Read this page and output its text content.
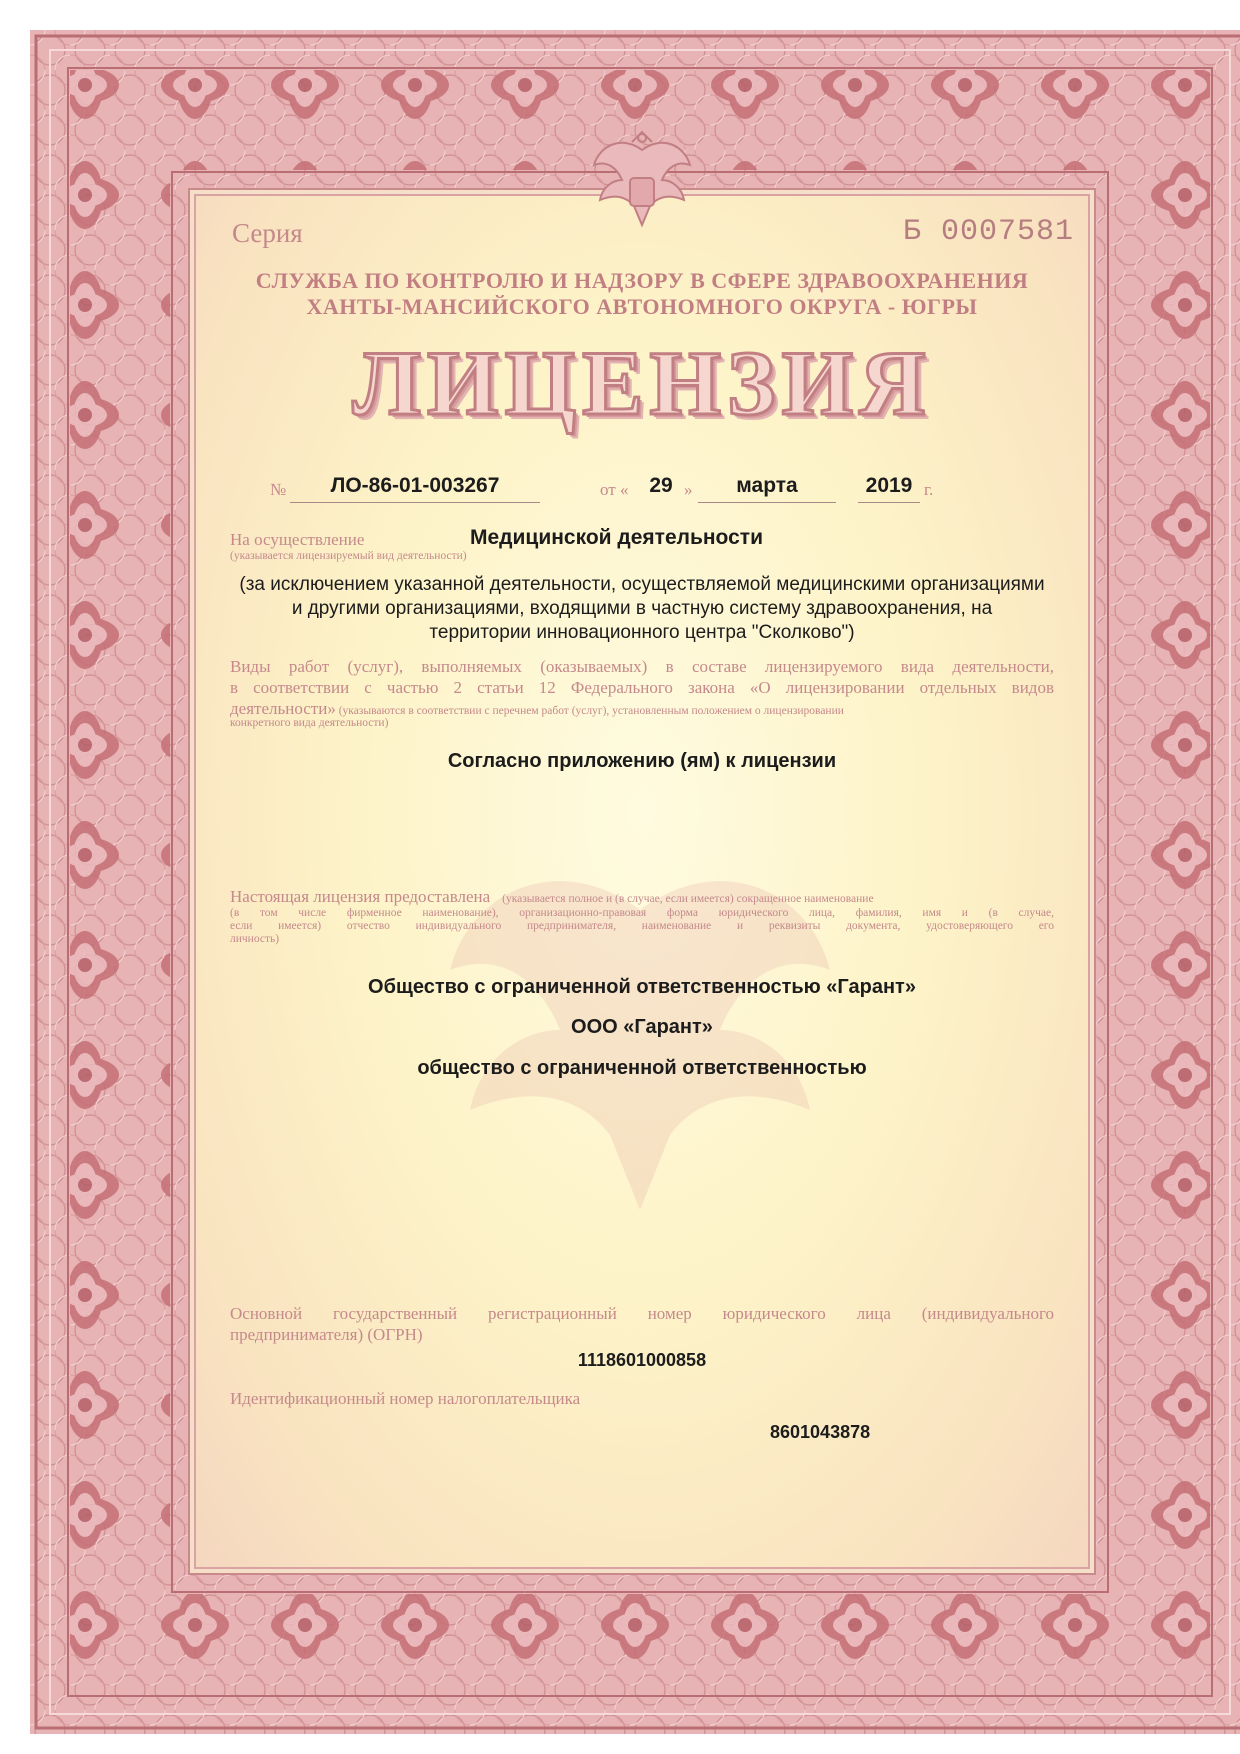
Серия	Б 0007581
СЛУЖБА ПО КОНТРОЛЮ И НАДЗОРУ В СФЕРЕ ЗДРАВООХРАНЕНИЯ
ХАНТЫ-МАНСИЙСКОГО АВТОНОМНОГО ОКРУГА - ЮГРЫ
ЛИЦЕНЗИЯ
№	ЛО-86-01-003267	от « 29 »	марта	2019 г.
На осуществление
(указывается лицензируемый вид деятельности)
Медицинской деятельности
(за исключением указанной деятельности, осуществляемой медицинскими организациями
и другими организациями, входящими в частную систему здравоохранения, на
территории инновационного центра "Сколково")
Виды работ (услуг), выполняемых (оказываемых) в составе лицензируемого вида деятельности,
в соответствии с частью 2 статьи 12 Федерального закона «О лицензировании отдельных видов
деятельности» (указываются в соответствии с перечнем работ (услуг), установленным положением о лицензировании
конкретного вида деятельности)
Согласно приложению (ям) к лицензии
Настоящая лицензия предоставлена (указывается полное и (в случае, если имеется) сокращенное наименование
(в том числе фирменное наименование), организационно-правовая форма юридического лица, фамилия, имя и (в случае,
если имеется) отчество индивидуального предпринимателя, наименование и реквизиты документа, удостоверяющего его
личность)
Общество с ограниченной ответственностью «Гарант»
ООО «Гарант»
общество с ограниченной ответственностью
Основной государственный регистрационный номер юридического лица (индивидуального
предпринимателя) (ОГРН)
1118601000858
Идентификационный номер налогоплательщика
8601043878
